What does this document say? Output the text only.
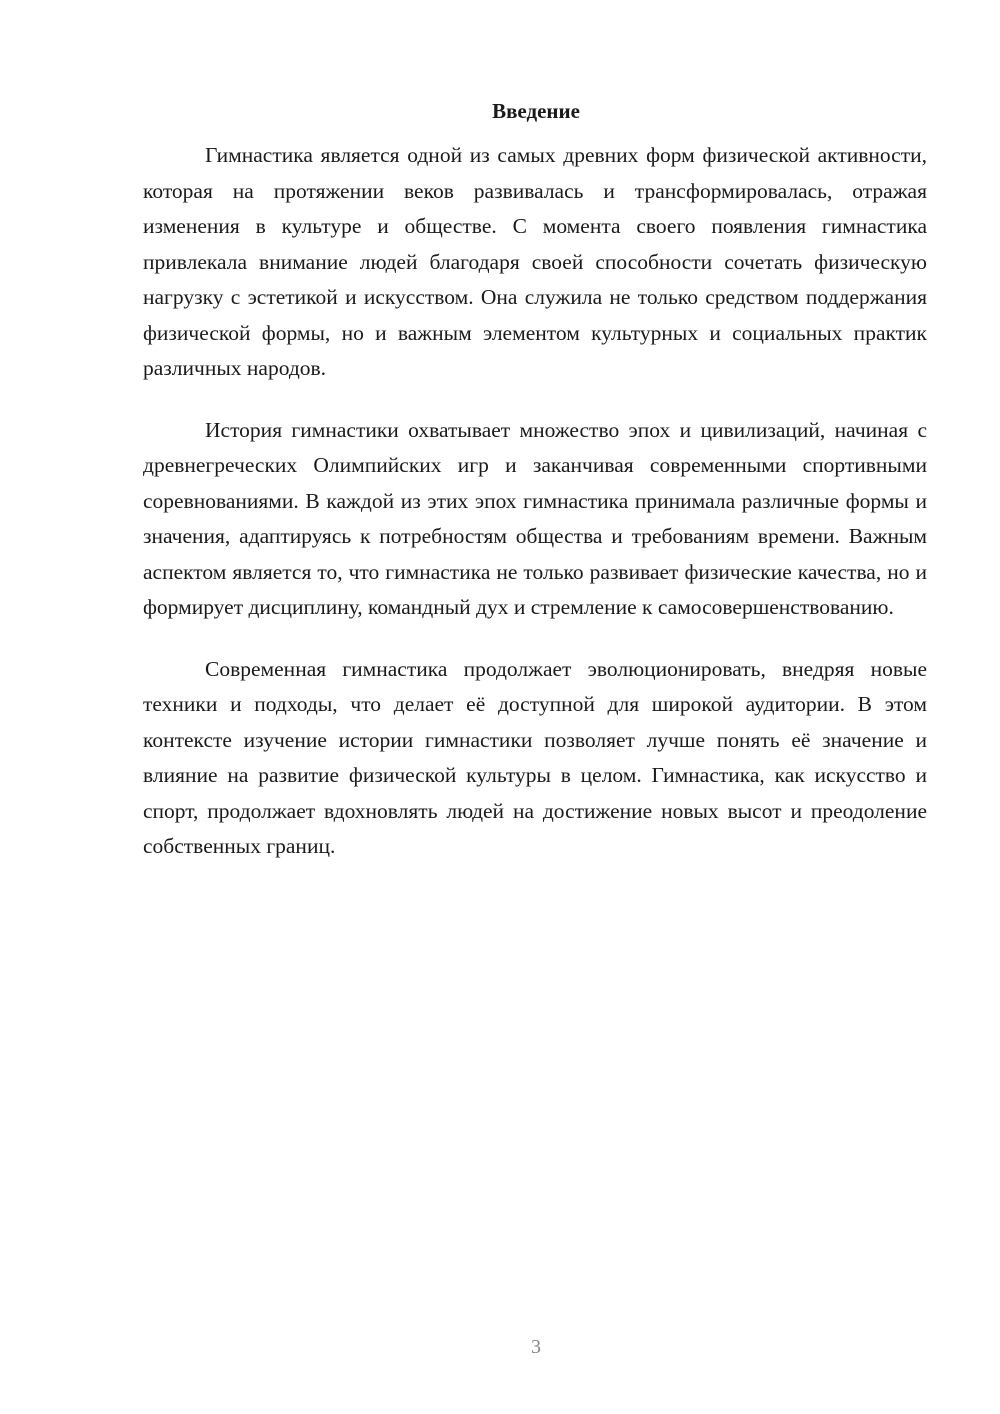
Введение

Гимнастика является одной из самых древних форм физической активности, которая на протяжении веков развивалась и трансформировалась, отражая изменения в культуре и обществе. С момента своего появления гимнастика привлекала внимание людей благодаря своей способности сочетать физическую нагрузку с эстетикой и искусством. Она служила не только средством поддержания физической формы, но и важным элементом культурных и социальных практик различных народов.

История гимнастики охватывает множество эпох и цивилизаций, начиная с древнегреческих Олимпийских игр и заканчивая современными спортивными соревнованиями. В каждой из этих эпох гимнастика принимала различные формы и значения, адаптируясь к потребностям общества и требованиям времени. Важным аспектом является то, что гимнастика не только развивает физические качества, но и формирует дисциплину, командный дух и стремление к самосовершенствованию.

Современная гимнастика продолжает эволюционировать, внедряя новые техники и подходы, что делает её доступной для широкой аудитории. В этом контексте изучение истории гимнастики позволяет лучше понять её значение и влияние на развитие физической культуры в целом. Гимнастика, как искусство и спорт, продолжает вдохновлять людей на достижение новых высот и преодоление собственных границ.

3
